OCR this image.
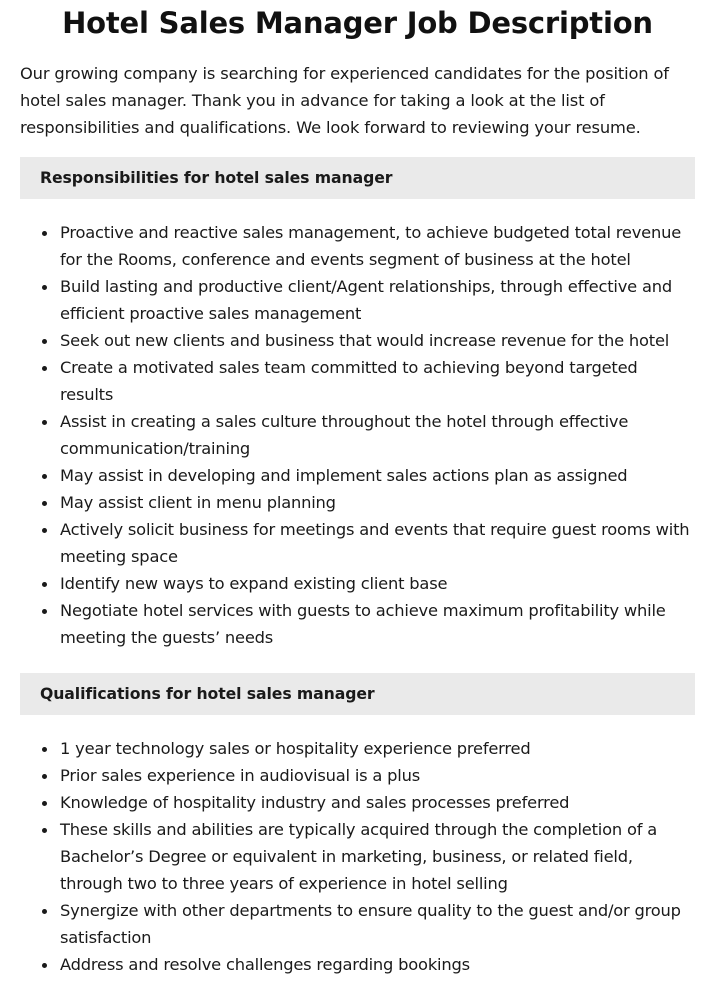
Hotel Sales Manager Job Description

Our growing company is searching for experienced candidates for the position of hotel sales manager. Thank you in advance for taking a look at the list of responsibilities and qualifications. We look forward to reviewing your resume.

Responsibilities for hotel sales manager
Proactive and reactive sales management, to achieve budgeted total revenue for the Rooms, conference and events segment of business at the hotel
Build lasting and productive client/Agent relationships, through effective and efficient proactive sales management
Seek out new clients and business that would increase revenue for the hotel
Create a motivated sales team committed to achieving beyond targeted results
Assist in creating a sales culture throughout the hotel through effective communication/training
May assist in developing and implement sales actions plan as assigned
May assist client in menu planning
Actively solicit business for meetings and events that require guest rooms with meeting space
Identify new ways to expand existing client base
Negotiate hotel services with guests to achieve maximum profitability while meeting the guests’ needs
Qualifications for hotel sales manager
1 year technology sales or hospitality experience preferred
Prior sales experience in audiovisual is a plus
Knowledge of hospitality industry and sales processes preferred
These skills and abilities are typically acquired through the completion of a Bachelor’s Degree or equivalent in marketing, business, or related field, through two to three years of experience in hotel selling
Synergize with other departments to ensure quality to the guest and/or group satisfaction
Address and resolve challenges regarding bookings
